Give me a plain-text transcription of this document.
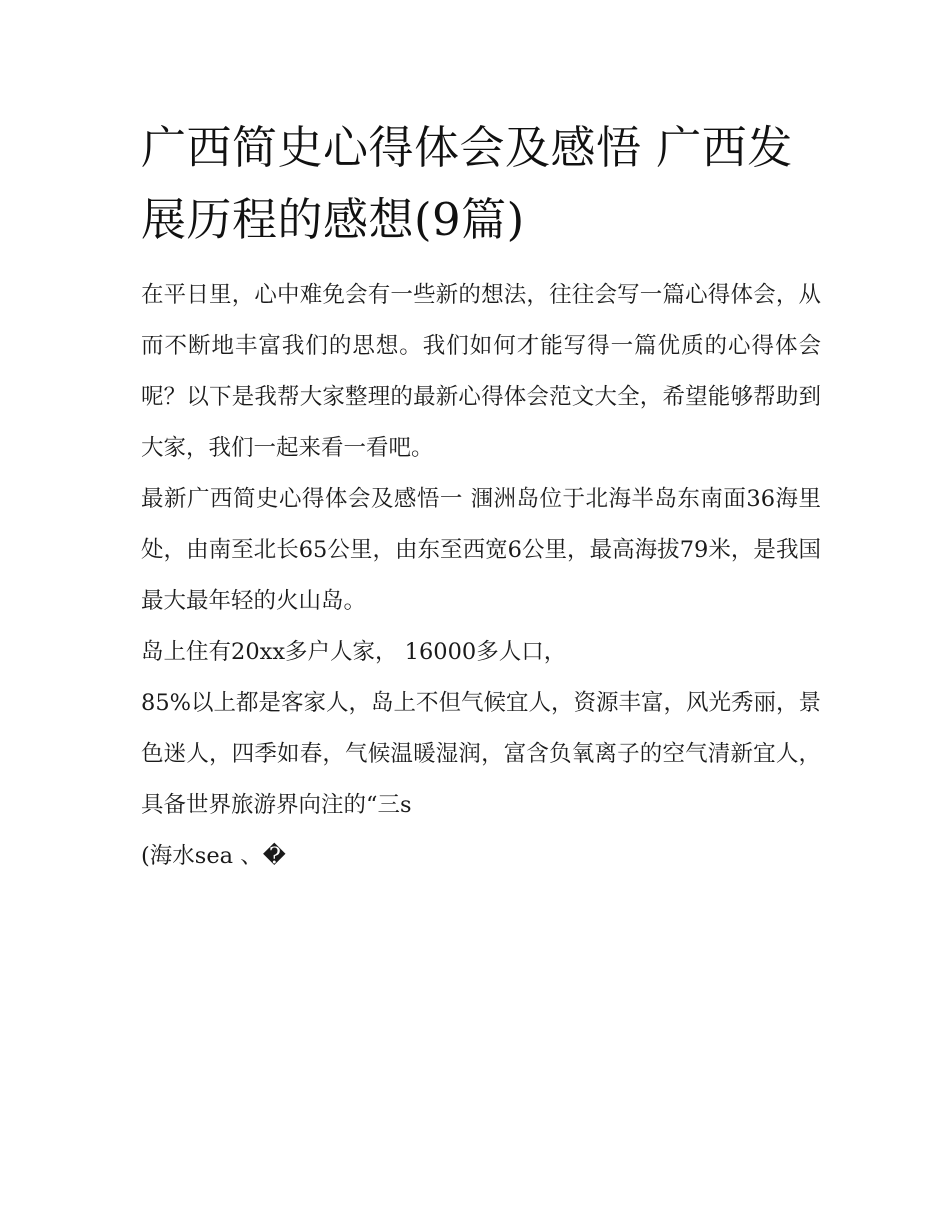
广西简史心得体会及感悟 广西发展历程的感想(9篇)

在平日里，心中难免会有一些新的想法，往往会写一篇心得体会，从而不断地丰富我们的思想。我们如何才能写得一篇优质的心得体会呢？以下是我帮大家整理的最新心得体会范文大全，希望能够帮助到大家，我们一起来看一看吧。

最新广西简史心得体会及感悟一 涠洲岛位于北海半岛东南面36海里处，由南至北长65公里，由东至西宽6公里，最高海拔79米，是我国最大最年轻的火山岛。

岛上住有20xx多户人家， 16000多人口，

85%以上都是客家人，岛上不但气候宜人，资源丰富，风光秀丽，景色迷人，四季如春，气候温暖湿润，富含负氧离子的空气清新宜人，具备世界旅游界向注的“三s

(海水sea 、�
